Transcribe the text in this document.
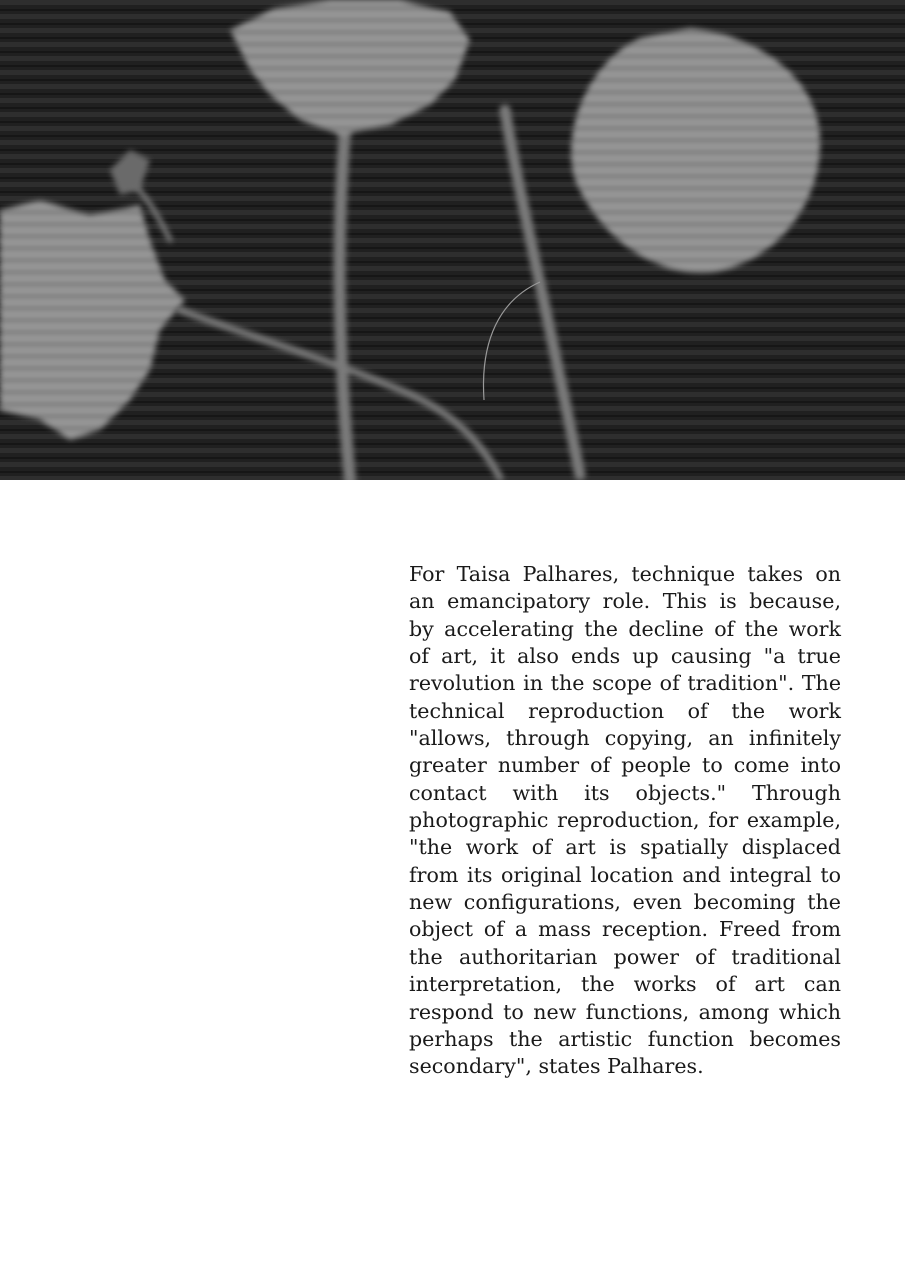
For Taisa Palhares, technique takes on an emancipatory role. This is because, by accelerating the decline of the work of art, it also ends up causing "a true revolution in the scope of tradition". The technical reproduction of the work "allows, through copying, an infinitely greater number of people to come into contact with its objects." Through photographic reproduction, for example, "the work of art is spatially displaced from its original location and integral to new configurations, even becoming the object of a mass reception. Freed from the authoritarian power of traditional interpretation, the works of art can respond to new functions, among which perhaps the artistic function becomes secondary", states Palhares.
